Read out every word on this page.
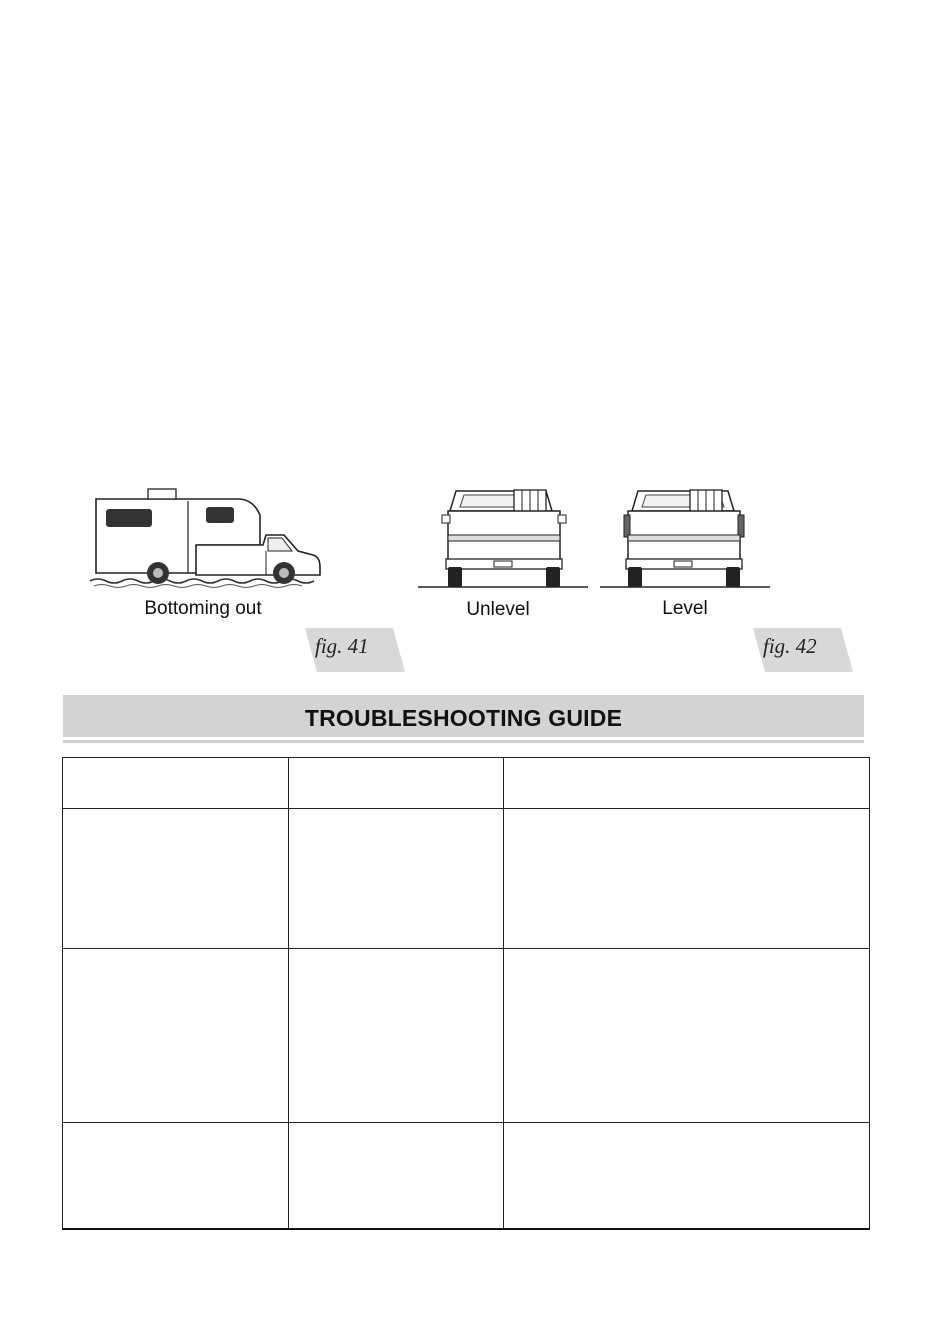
Bottoming out
fig. 41
Unlevel	Level
fig. 42
TROUBLESHOOTING GUIDE
